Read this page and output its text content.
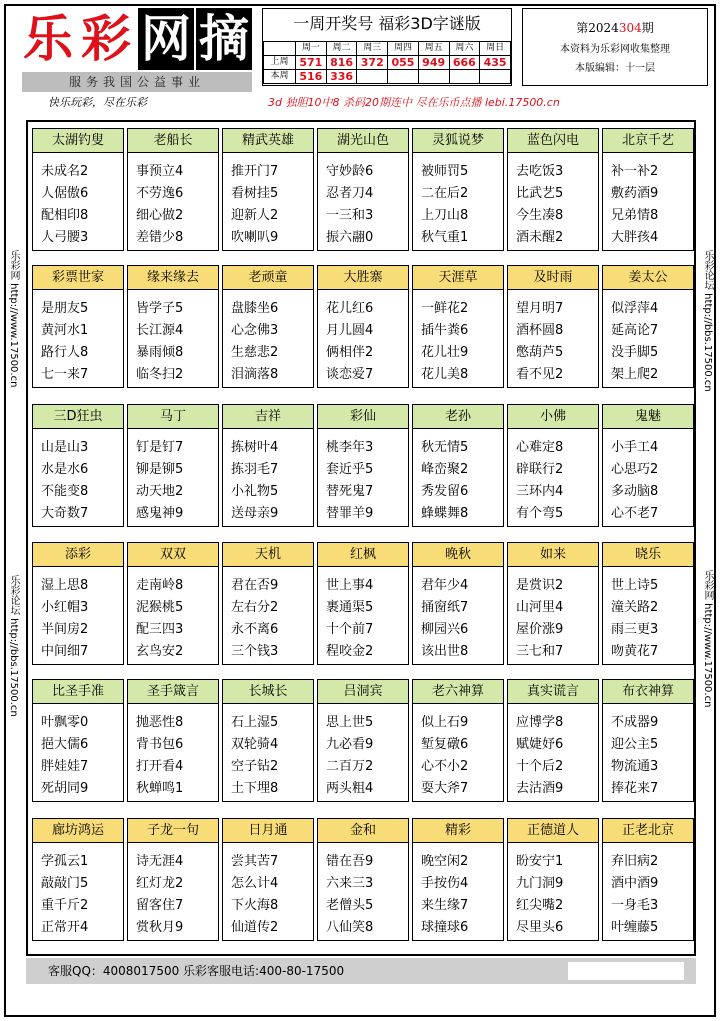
乐 彩 网 摘
服务我国公益事业
一周开奖号 福彩3D字谜版
	周一	周二	周三	周四	周五	周六	周日
上周	571	816	372	055	949	666	435
本周	516	336					
第2024304期
本资料为乐彩网收集整理
本版编辑：十一层
快乐玩彩，尽在乐彩	3d 独胆10中8 杀码20期连中 尽在乐币点播 lebi.17500.cn
乐彩网 http://www.17500.cn
乐彩论坛 http://bbs.17500.cn
乐彩论坛 http://bbs.17500.cn
乐彩网 http://www.17500.cn
太湖钓叟
未成名2
人倨傲6
配相印8
人弓腰3
老船长
事预立4
不劳逸6
细心做2
差错少8
精武英雄
推开门7
看树挂5
迎新人2
吹喇叭9
湖光山色
守妙龄6
忍者刀4
一三和3
振六翮0
灵狐说梦
被师罚5
二在后2
上刀山8
秋气重1
蓝色闪电
去吃饭3
比武艺5
今生凑8
酒未醒2
北京千艺
补一补2
敷药酒9
兄弟情8
大胖孩4
彩票世家
是朋友5
黄河水1
路行人8
七一来7
缘来缘去
皆学子5
长江源4
暴雨倾8
临冬扫2
老顽童
盘膝坐6
心念佛3
生慈悲2
泪滴落8
大胜寨
花儿红6
月儿圆4
俩相伴2
谈恋爱7
天涯草
一鲜花2
插牛粪6
花儿壮9
花儿美8
及时雨
望月明7
酒杯圆8
憋葫芦5
看不见2
姜太公
似浮萍4
延高论7
没手脚5
架上爬2
三D狂虫
山是山3
水是水6
不能变8
大奇数7
马丁
钉是钉7
铆是铆5
动天地2
感鬼神9
吉祥
拣树叶4
拣羽毛7
小礼物5
送母亲9
彩仙
桃李年3
套近乎5
替死鬼7
替罪羊9
老孙
秋无情5
峰峦聚2
秀发留6
蜂蝶舞8
小佛
心难定8
辟联行2
三环内4
有个弯5
鬼魅
小手工4
心思巧2
多动脑8
心不老7
添彩
湿上思8
小红帽3
半间房2
中间细7
双双
走南岭8
泥猴桃5
配三四3
玄鸟安2
天机
君在否9
左右分2
永不离6
三个钱3
红枫
世上事4
裹通渠5
十个前7
程咬金2
晚秋
君年少4
捅窗纸7
柳园兴6
该出世8
如来
是赏识2
山河里4
屋价涨9
三七和7
晓乐
世上诗5
潼关路2
雨三更3
吻黄花7
比圣手准
叶飘零0
挹大儒6
胖娃娃7
死胡同9
圣手箴言
抛恶性8
背书包6
打开看4
秋蝉鸣1
长城长
石上湿5
双轮骑4
空子钻2
土下埋8
吕洞宾
思上世5
九必看9
二百万2
两头粗4
老六神算
似上石9
堑复礅6
心不小2
耍大斧7
真实谎言
应博学8
赋婕妤6
十个后2
去沽酒9
布衣神算
不成器9
迎公主5
物流通3
捧花来7
廊坊鸿运
学孤云1
敲敲门5
重千斤2
正常开4
子龙一句
诗无涯4
红灯龙2
留客住7
赏秋月9
日月通
尝其苦7
怎么计4
下火海8
仙道传2
金和
错在吾9
六来三3
老僧头5
八仙笑8
精彩
晚空闲2
手按伤4
来生缘7
球撞球6
正德道人
盼安宁1
九门洞9
红尖嘴2
尽里头6
正老北京
弃旧病2
酒中酒9
一身毛3
叶缠藤5
客服QQ：4008017500 乐彩客服电话:400-80-17500
